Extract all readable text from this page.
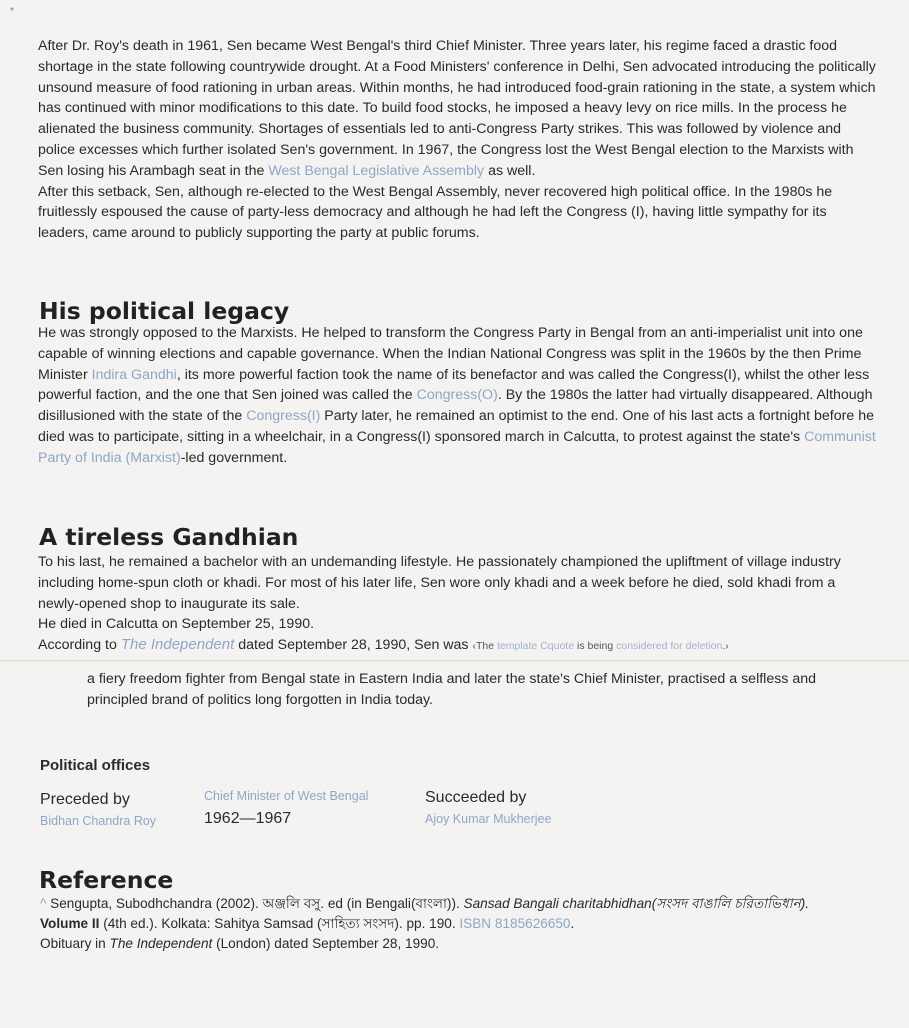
*
After Dr. Roy's death in 1961, Sen became West Bengal's third Chief Minister. Three years later, his regime faced a drastic food shortage in the state following countrywide drought. At a Food Ministers' conference in Delhi, Sen advocated introducing the politically unsound measure of food rationing in urban areas. Within months, he had introduced food-grain rationing in the state, a system which has continued with minor modifications to this date. To build food stocks, he imposed a heavy levy on rice mills. In the process he alienated the business community. Shortages of essentials led to anti-Congress Party strikes. This was followed by violence and police excesses which further isolated Sen's government. In 1967, the Congress lost the West Bengal election to the Marxists with Sen losing his Arambagh seat in the West Bengal Legislative Assembly as well.
After this setback, Sen, although re-elected to the West Bengal Assembly, never recovered high political office. In the 1980s he fruitlessly espoused the cause of party-less democracy and although he had left the Congress (I), having little sympathy for its leaders, came around to publicly supporting the party at public forums.
His political legacy
He was strongly opposed to the Marxists. He helped to transform the Congress Party in Bengal from an anti-imperialist unit into one capable of winning elections and capable governance. When the Indian National Congress was split in the 1960s by the then Prime Minister Indira Gandhi, its more powerful faction took the name of its benefactor and was called the Congress(I), whilst the other less powerful faction, and the one that Sen joined was called the Congress(O). By the 1980s the latter had virtually disappeared. Although disillusioned with the state of the Congress(I) Party later, he remained an optimist to the end. One of his last acts a fortnight before he died was to participate, sitting in a wheelchair, in a Congress(I) sponsored march in Calcutta, to protest against the state's Communist Party of India (Marxist)-led government.
A tireless Gandhian
To his last, he remained a bachelor with an undemanding lifestyle. He passionately championed the upliftment of village industry including home-spun cloth or khadi. For most of his later life, Sen wore only khadi and a week before he died, sold khadi from a newly-opened shop to inaugurate its sale.
He died in Calcutta on September 25, 1990.
According to The Independent dated September 28, 1990, Sen was ‹The template Cquote is being considered for deletion.›
a fiery freedom fighter from Bengal state in Eastern India and later the state's Chief Minister, practised a selfless and principled brand of politics long forgotten in India today.
Political offices
Preceded by
Bidhan Chandra Roy
Chief Minister of West Bengal
1962—1967
Succeeded by
Ajoy Kumar Mukherjee
Reference
^ Sengupta, Subodhchandra (2002). অঞ্জলি বসু. ed (in Bengali(বাংলা)). Sansad Bangali charitabhidhan(সংসদ বাঙালি চরিতাভিধান). Volume II (4th ed.). Kolkata: Sahitya Samsad (সাহিত্য সংসদ). pp. 190. ISBN 8185626650.
Obituary in The Independent (London) dated September 28, 1990.
